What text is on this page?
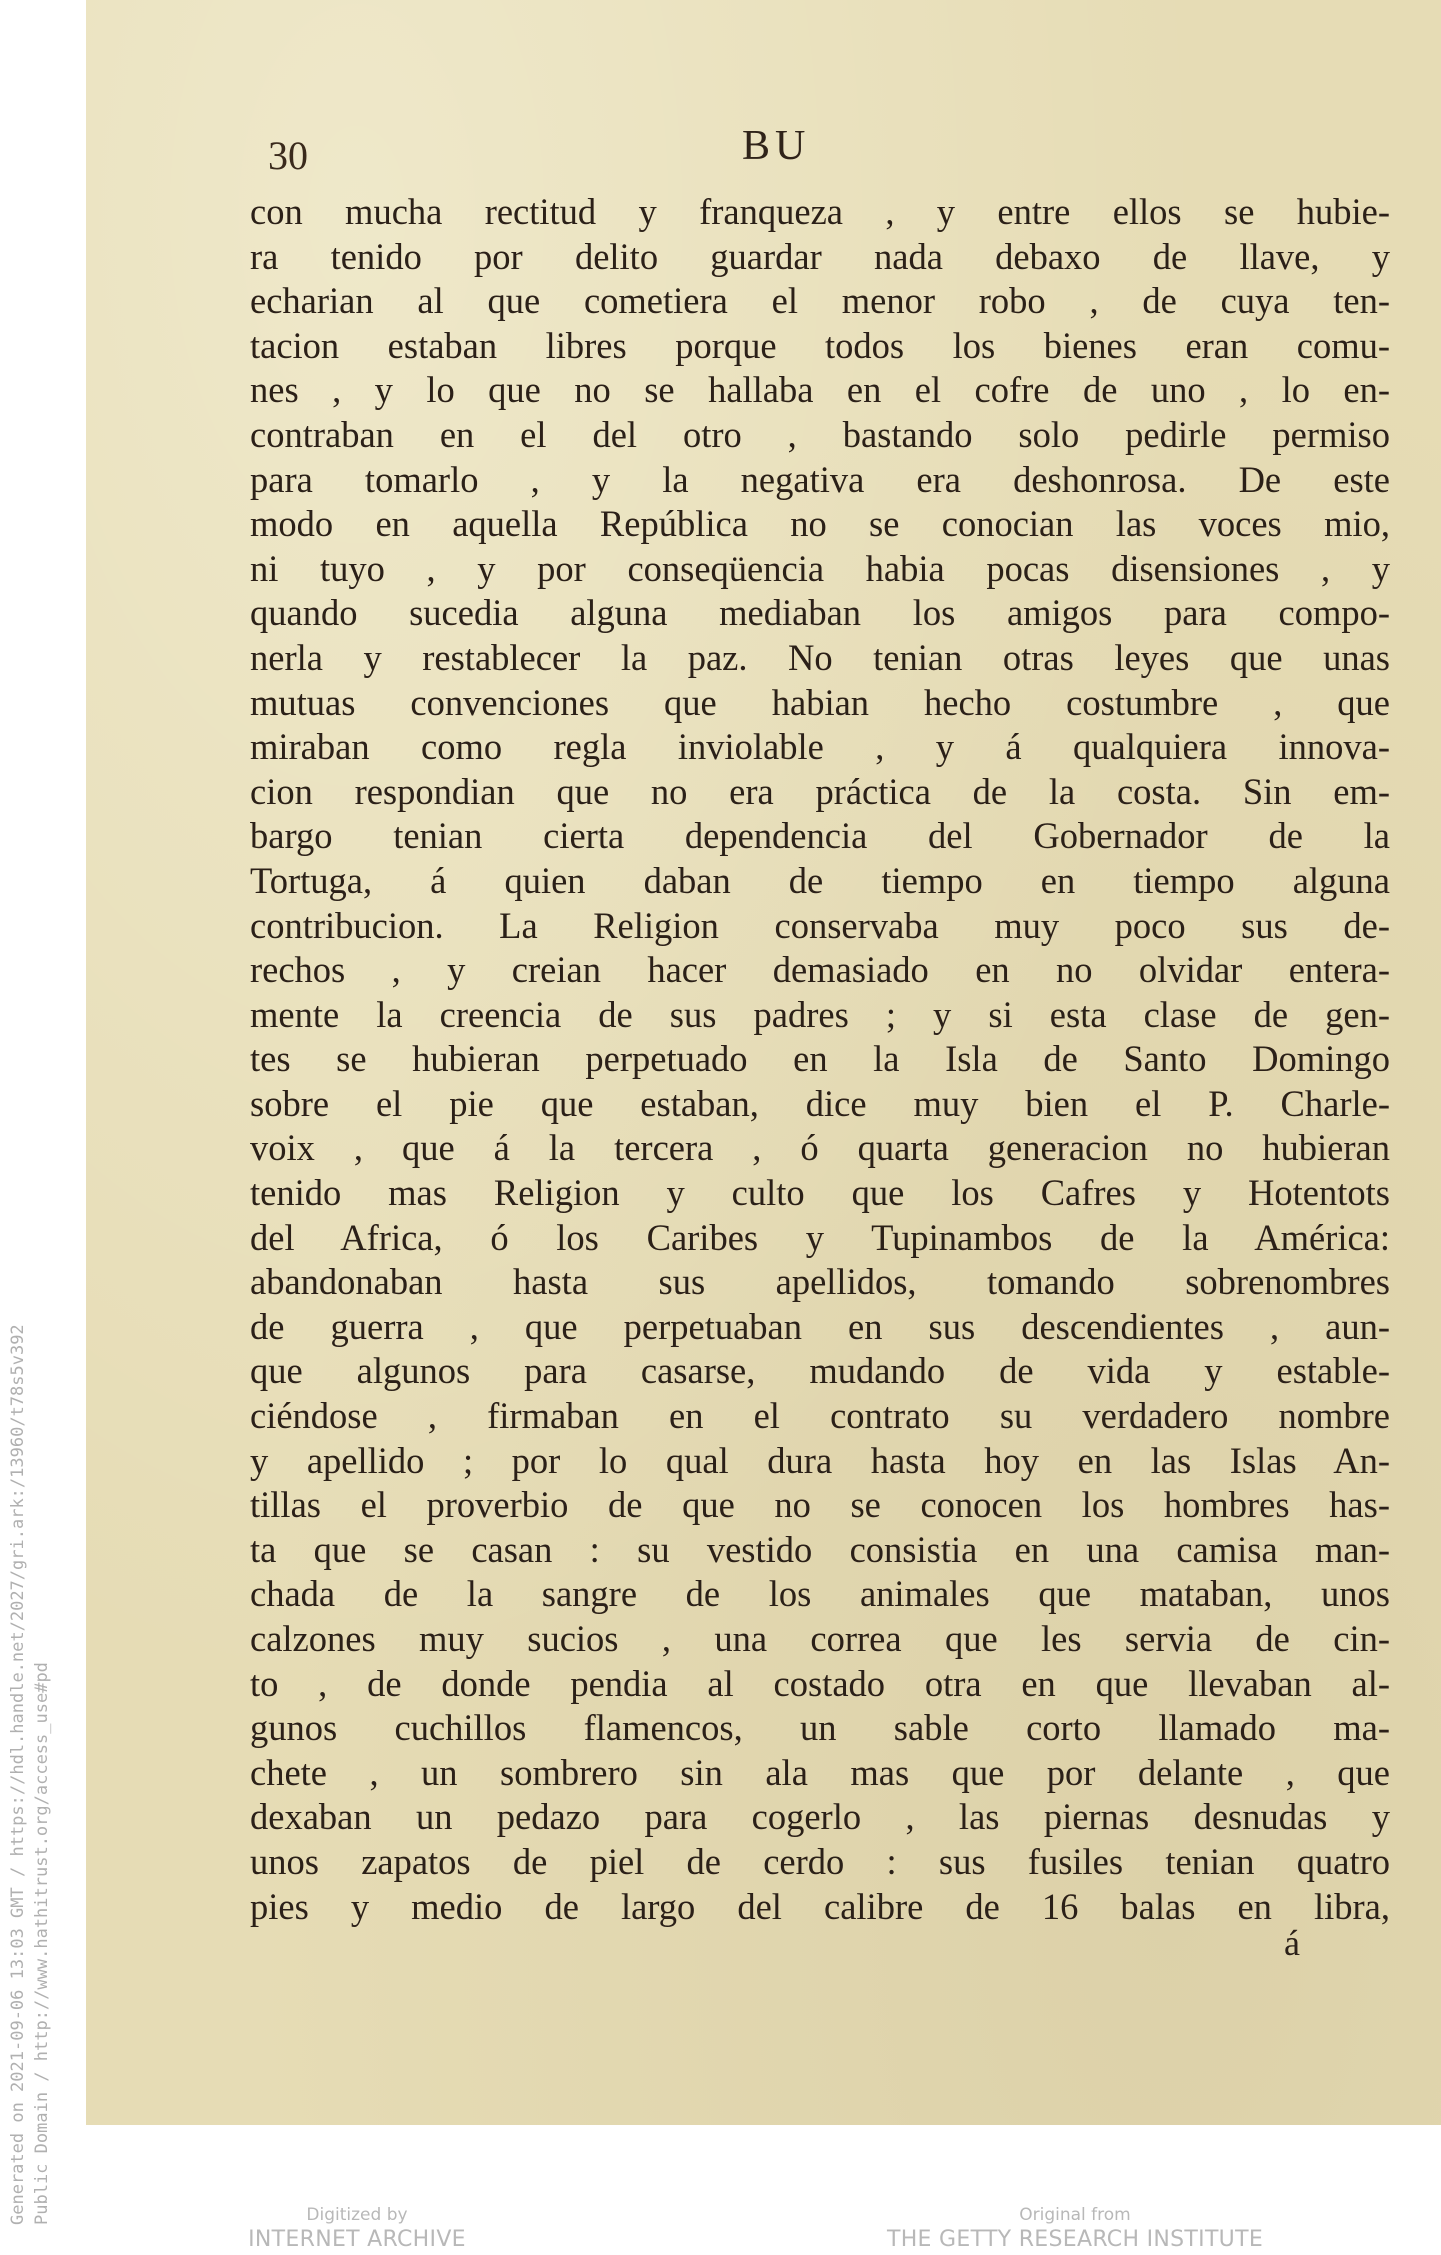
Generated on 2021-09-06 13:03 GMT / https://hdl.handle.net/2027/gri.ark:/13960/t78s5v392 Public Domain / http://www.hathitrust.org/access_use#pd
30	BU
con mucha rectitud y franqueza , y entre ellos se hubie-
ra tenido por delito guardar nada debaxo de llave, y
echarian al que cometiera el menor robo , de cuya ten-
tacion estaban libres porque todos los bienes eran comu-
nes , y lo que no se hallaba en el cofre de uno , lo en-
contraban en el del otro , bastando solo pedirle permiso
para tomarlo , y la negativa era deshonrosa. De este
modo en aquella República no se conocian las voces mio,
ni tuyo , y por conseqüencia habia pocas disensiones , y
quando sucedia alguna mediaban los amigos para compo-
nerla y restablecer la paz. No tenian otras leyes que unas
mutuas convenciones que habian hecho costumbre , que
miraban como regla inviolable , y á qualquiera innova-
cion respondian que no era práctica de la costa. Sin em-
bargo tenian cierta dependencia del Gobernador de la
Tortuga, á quien daban de tiempo en tiempo alguna
contribucion. La Religion conservaba muy poco sus de-
rechos , y creian hacer demasiado en no olvidar entera-
mente la creencia de sus padres ; y si esta clase de gen-
tes se hubieran perpetuado en la Isla de Santo Domingo
sobre el pie que estaban, dice muy bien el P. Charle-
voix , que á la tercera , ó quarta generacion no hubieran
tenido mas Religion y culto que los Cafres y Hotentots
del Africa, ó los Caribes y Tupinambos de la América:
abandonaban hasta sus apellidos, tomando sobrenombres
de guerra , que perpetuaban en sus descendientes , aun-
que algunos para casarse, mudando de vida y estable-
ciéndose , firmaban en el contrato su verdadero nombre
y apellido ; por lo qual dura hasta hoy en las Islas An-
tillas el proverbio de que no se conocen los hombres has-
ta que se casan : su vestido consistia en una camisa man-
chada de la sangre de los animales que mataban, unos
calzones muy sucios , una correa que les servia de cin-
to , de donde pendia al costado otra en que llevaban al-
gunos cuchillos flamencos, un sable corto llamado ma-
chete , un sombrero sin ala mas que por delante , que
dexaban un pedazo para cogerlo , las piernas desnudas y
unos zapatos de piel de cerdo : sus fusiles tenian quatro
pies y medio de largo del calibre de 16 balas en libra,
á
Digitized by
INTERNET ARCHIVE
Original from
THE GETTY RESEARCH INSTITUTE
